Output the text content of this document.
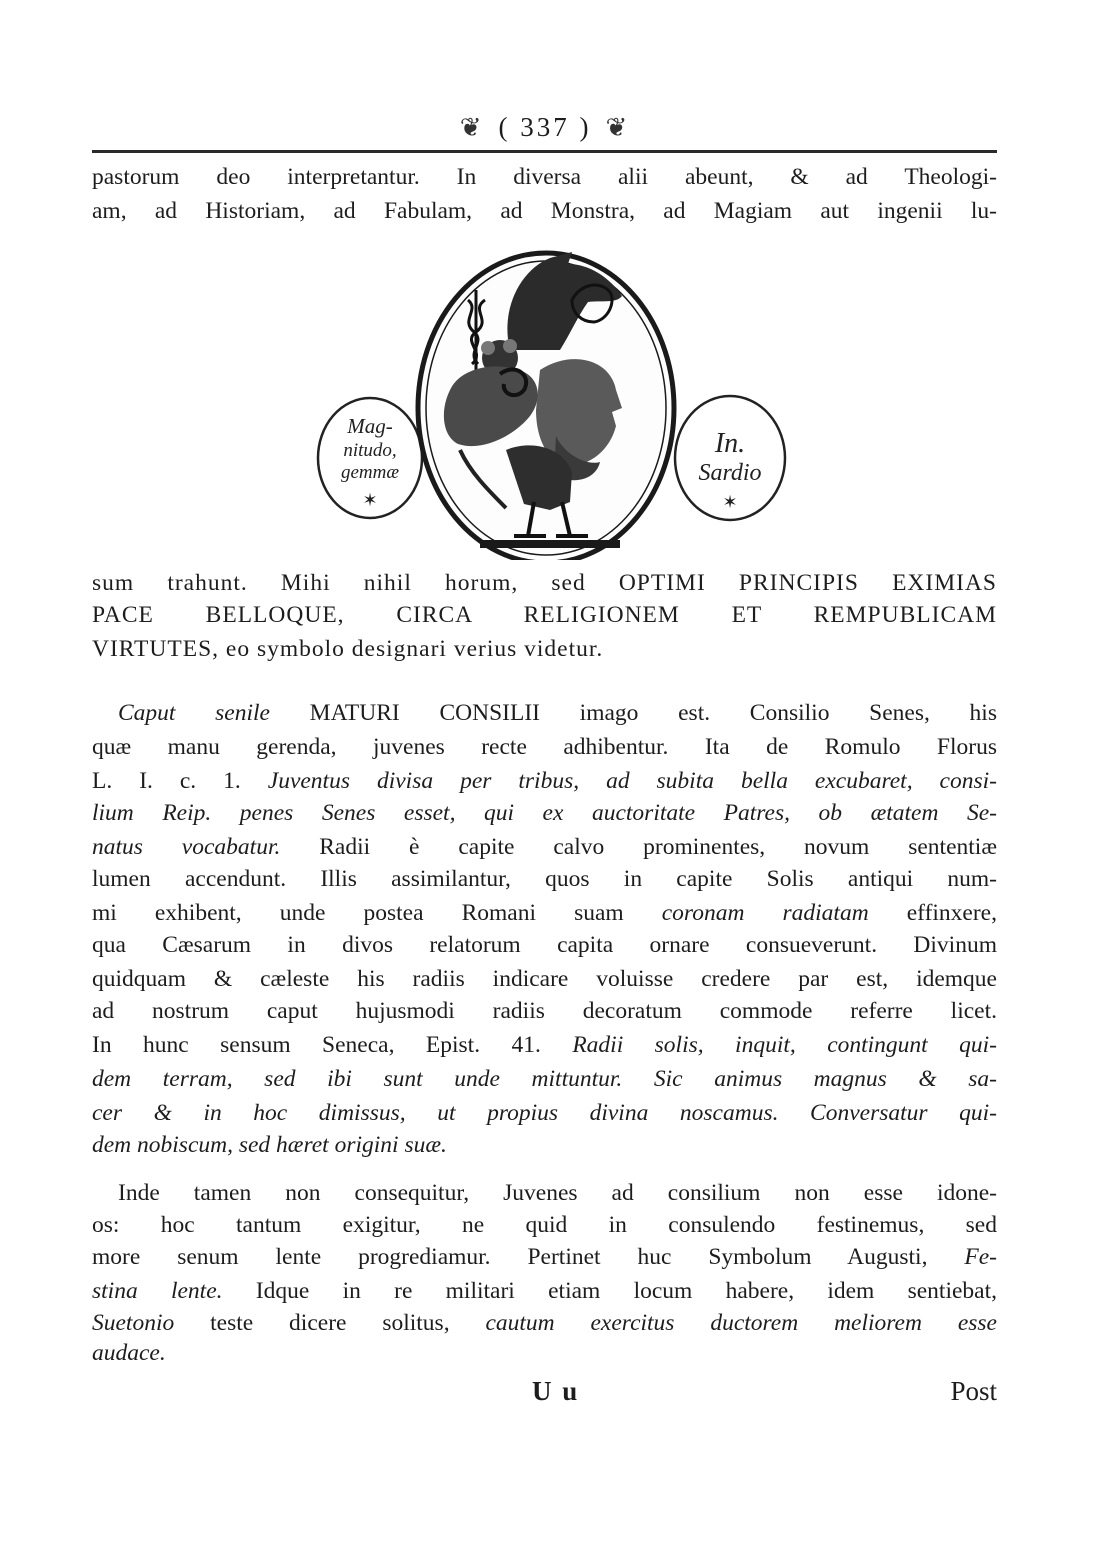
❦ ( 337 ) ❦
pastorum deo interpretantur. In diversa alii abeunt, & ad Theologi-
am, ad Historiam, ad Fabulam, ad Monstra, ad Magiam aut ingenii lu-
Mag-
nitudo,
gemmæ
✶
In.
Sardio
✶
sum trahunt. Mihi nihil horum, sed OPTIMI PRINCIPIS EXIMIAS
PACE BELLOQUE, CIRCA RELIGIONEM ET REMPUBLICAM
VIRTUTES, eo symbolo designari verius videtur.
Caput senile MATURI CONSILII imago est. Consilio Senes, his
quæ manu gerenda, juvenes recte adhibentur. Ita de Romulo Florus
L. I. c. 1. Juventus divisa per tribus, ad subita bella excubaret, consi-
lium Reip. penes Senes esset, qui ex auctoritate Patres, ob ætatem Se-
natus vocabatur. Radii è capite calvo prominentes, novum sententiæ
lumen accendunt. Illis assimilantur, quos in capite Solis antiqui num-
mi exhibent, unde postea Romani suam coronam radiatam effinxere,
qua Cæsarum in divos relatorum capita ornare consueverunt. Divinum
quidquam & cæleste his radiis indicare voluisse credere par est, idemque
ad nostrum caput hujusmodi radiis decoratum commode referre licet.
In hunc sensum Seneca, Epist. 41. Radii solis, inquit, contingunt qui-
dem terram, sed ibi sunt unde mittuntur. Sic animus magnus & sa-
cer & in hoc dimissus, ut propius divina noscamus. Conversatur qui-
dem nobiscum, sed hæret origini suæ.
Inde tamen non consequitur, Juvenes ad consilium non esse idone-
os: hoc tantum exigitur, ne quid in consulendo festinemus, sed
more senum lente progrediamur. Pertinet huc Symbolum Augusti, Fe-
stina lente. Idque in re militari etiam locum habere, idem sentiebat,
Suetonio teste dicere solitus, cautum exercitus ductorem meliorem esse
audace.
U u	Post
